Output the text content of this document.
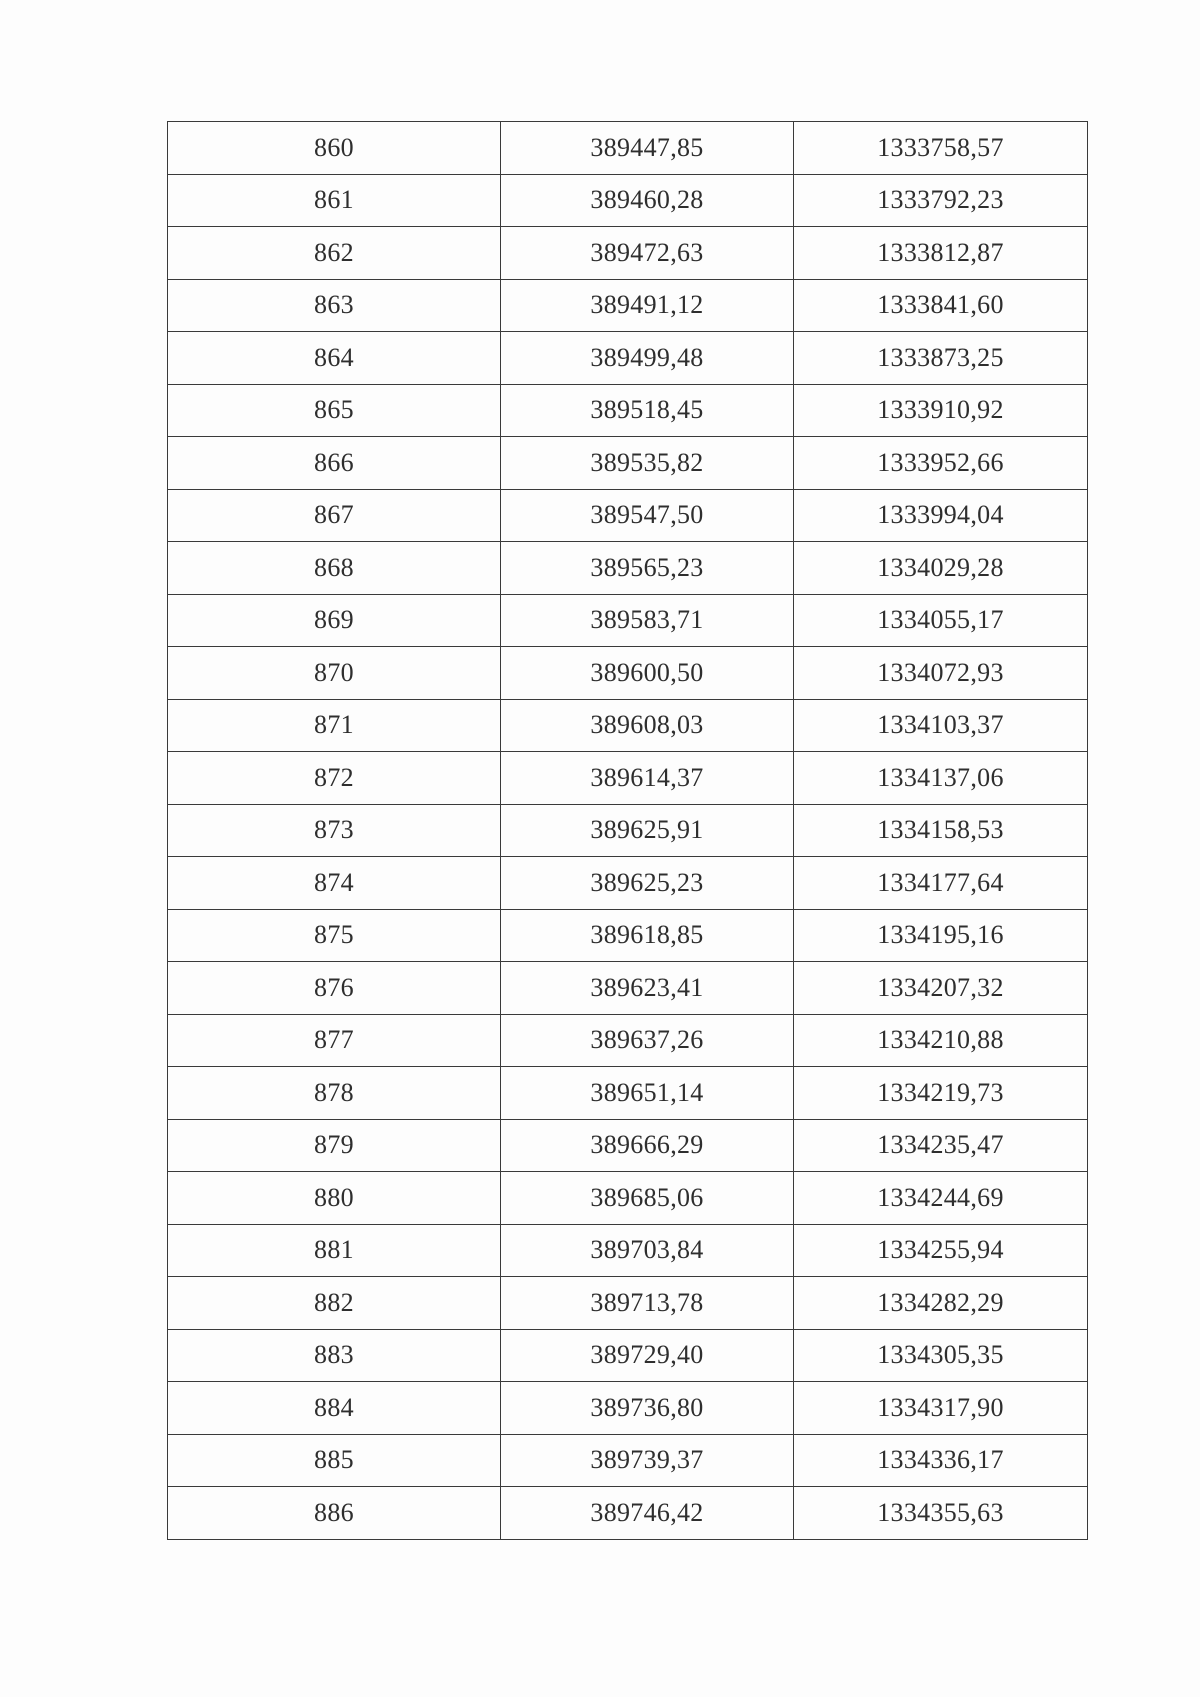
860	389447,85	1333758,57
861	389460,28	1333792,23
862	389472,63	1333812,87
863	389491,12	1333841,60
864	389499,48	1333873,25
865	389518,45	1333910,92
866	389535,82	1333952,66
867	389547,50	1333994,04
868	389565,23	1334029,28
869	389583,71	1334055,17
870	389600,50	1334072,93
871	389608,03	1334103,37
872	389614,37	1334137,06
873	389625,91	1334158,53
874	389625,23	1334177,64
875	389618,85	1334195,16
876	389623,41	1334207,32
877	389637,26	1334210,88
878	389651,14	1334219,73
879	389666,29	1334235,47
880	389685,06	1334244,69
881	389703,84	1334255,94
882	389713,78	1334282,29
883	389729,40	1334305,35
884	389736,80	1334317,90
885	389739,37	1334336,17
886	389746,42	1334355,63
